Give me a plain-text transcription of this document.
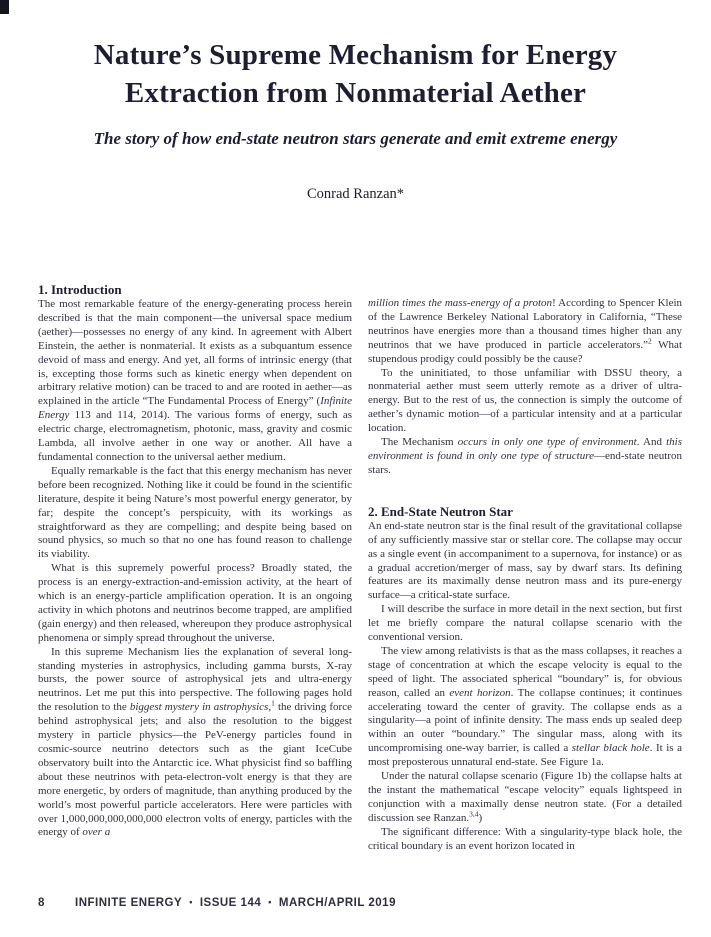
Nature’s Supreme Mechanism for Energy
Extraction from Nonmaterial Aether
The story of how end-state neutron stars generate and emit extreme energy
Conrad Ranzan*
1. Introduction

The most remarkable feature of the energy-generating process herein described is that the main component—the universal space medium (aether)—possesses no energy of any kind. In agreement with Albert Einstein, the aether is nonmaterial. It exists as a subquantum essence devoid of mass and energy. And yet, all forms of intrinsic energy (that is, excepting those forms such as kinetic energy when dependent on arbitrary relative motion) can be traced to and are rooted in aether—as explained in the article “The Fundamental Process of Energy” (Infinite Energy 113 and 114, 2014). The various forms of energy, such as electric charge, electromagnetism, photonic, mass, gravity and cosmic Lambda, all involve aether in one way or another. All have a fundamental connection to the universal aether medium.

Equally remarkable is the fact that this energy mechanism has never before been recognized. Nothing like it could be found in the scientific literature, despite it being Nature’s most powerful energy generator, by far; despite the concept’s perspicuity, with its workings as straightforward as they are compelling; and despite being based on sound physics, so much so that no one has found reason to challenge its viability.

What is this supremely powerful process? Broadly stated, the process is an energy-extraction-and-emission activity, at the heart of which is an energy-particle amplification operation. It is an ongoing activity in which photons and neutrinos become trapped, are amplified (gain energy) and then released, whereupon they produce astrophysical phenomena or simply spread throughout the universe.

In this supreme Mechanism lies the explanation of several long-standing mysteries in astrophysics, including gamma bursts, X-ray bursts, the power source of astrophysical jets and ultra-energy neutrinos. Let me put this into perspective. The following pages hold the resolution to the biggest mystery in astrophysics,$^1$ the driving force behind astrophysical jets; and also the resolution to the biggest mystery in particle physics—the PeV-energy particles found in cosmic-source neutrino detectors such as the giant IceCube observatory built into the Antarctic ice. What physicist find so baffling about these neutrinos with peta-electron-volt energy is that they are more energetic, by orders of magnitude, than anything produced by the world’s most powerful particle accelerators. Here were particles with over 1,000,000,000,000,000 electron volts of energy, particles with the energy of over a

million times the mass-energy of a proton! According to Spencer Klein of the Lawrence Berkeley National Laboratory in California, “These neutrinos have energies more than a thousand times higher than any neutrinos that we have produced in particle accelerators.”$^2$ What stupendous prodigy could possibly be the cause?

To the uninitiated, to those unfamiliar with DSSU theory, a nonmaterial aether must seem utterly remote as a driver of ultra-energy. But to the rest of us, the connection is simply the outcome of aether’s dynamic motion—of a particular intensity and at a particular location.

The Mechanism occurs in only one type of environment. And this environment is found in only one type of structure—end-state neutron stars.

2. End-State Neutron Star

An end-state neutron star is the final result of the gravitational collapse of any sufficiently massive star or stellar core. The collapse may occur as a single event (in accompaniment to a supernova, for instance) or as a gradual accretion/merger of mass, say by dwarf stars. Its defining features are its maximally dense neutron mass and its pure-energy surface—a critical-state surface.

I will describe the surface in more detail in the next section, but first let me briefly compare the natural collapse scenario with the conventional version.

The view among relativists is that as the mass collapses, it reaches a stage of concentration at which the escape velocity is equal to the speed of light. The associated spherical “boundary” is, for obvious reason, called an event horizon. The collapse continues; it continues accelerating toward the center of gravity. The collapse ends as a singularity—a point of infinite density. The mass ends up sealed deep within an outer “boundary.” The singular mass, along with its uncompromising one-way barrier, is called a stellar black hole. It is a most preposterous unnatural end-state. See Figure 1a.

Under the natural collapse scenario (Figure 1b) the collapse halts at the instant the mathematical “escape velocity” equals lightspeed in conjunction with a maximally dense neutron state. (For a detailed discussion see Ranzan.$^{3,4}$)

The significant difference: With a singularity-type black hole, the critical boundary is an event horizon located in

8	INFINITE ENERGY • ISSUE 144 • MARCH/APRIL 2019
